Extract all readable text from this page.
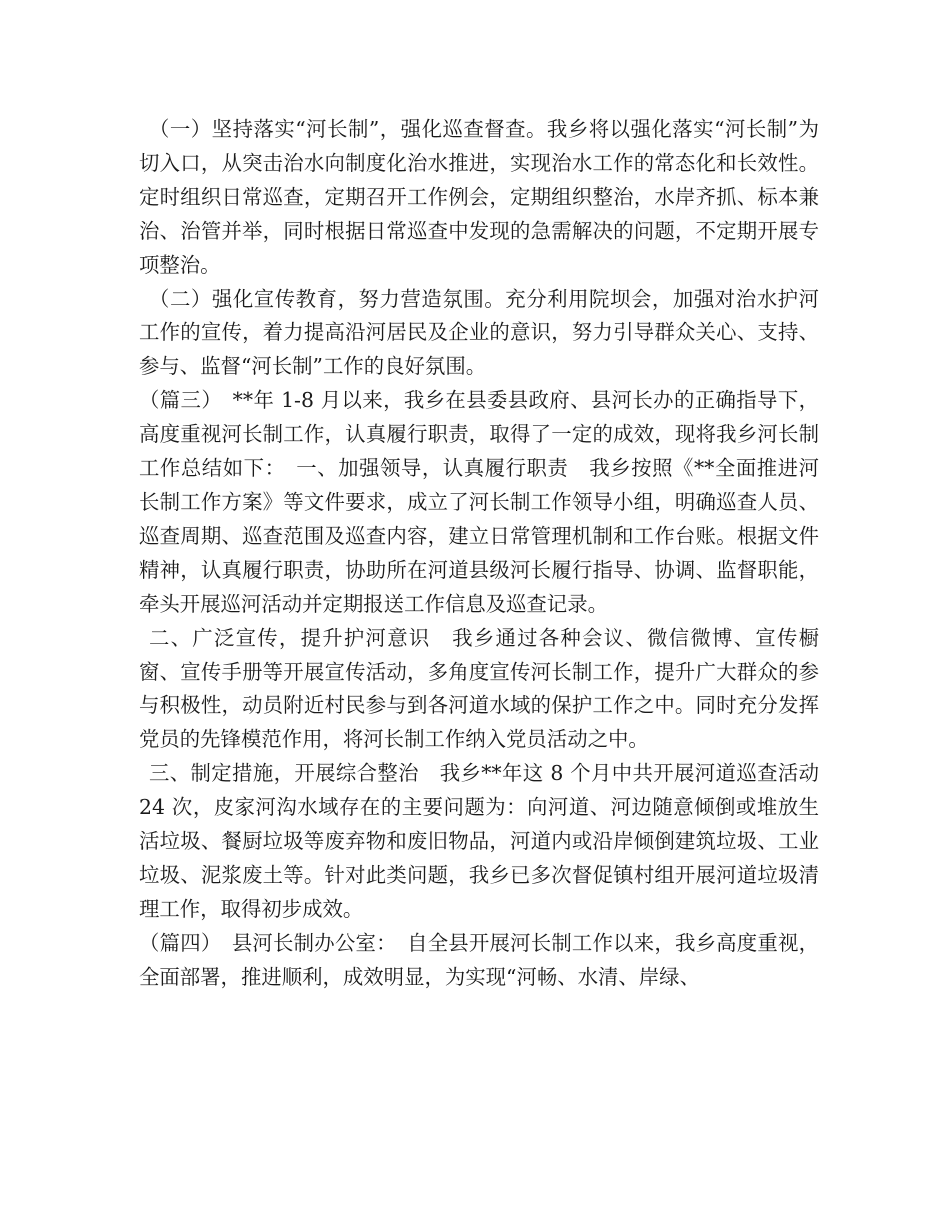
（一）坚持落实“河长制”，强化巡查督查。我乡将以强化落实“河长制”为切入口，从突击治水向制度化治水推进，实现治水工作的常态化和长效性。定时组织日常巡查，定期召开工作例会，定期组织整治，水岸齐抓、标本兼治、治管并举，同时根据日常巡查中发现的急需解决的问题，不定期开展专项整治。

（二）强化宣传教育，努力营造氛围。充分利用院坝会，加强对治水护河工作的宣传，着力提高沿河居民及企业的意识，努力引导群众关心、支持、参与、监督“河长制”工作的良好氛围。

（篇三）　**年 1-8 月以来，我乡在县委县政府、县河长办的正确指导下，高度重视河长制工作，认真履行职责，取得了一定的成效，现将我乡河长制工作总结如下：　一、加强领导，认真履行职责　我乡按照《**全面推进河长制工作方案》等文件要求，成立了河长制工作领导小组，明确巡查人员、巡查周期、巡查范围及巡查内容，建立日常管理机制和工作台账。根据文件精神，认真履行职责，协助所在河道县级河长履行指导、协调、监督职能，牵头开展巡河活动并定期报送工作信息及巡查记录。

二、广泛宣传，提升护河意识　我乡通过各种会议、微信微博、宣传橱窗、宣传手册等开展宣传活动，多角度宣传河长制工作，提升广大群众的参与积极性，动员附近村民参与到各河道水域的保护工作之中。同时充分发挥党员的先锋模范作用，将河长制工作纳入党员活动之中。

三、制定措施，开展综合整治　我乡**年这 8 个月中共开展河道巡查活动 24 次，皮家河沟水域存在的主要问题为：向河道、河边随意倾倒或堆放生活垃圾、餐厨垃圾等废弃物和废旧物品，河道内或沿岸倾倒建筑垃圾、工业垃圾、泥浆废土等。针对此类问题，我乡已多次督促镇村组开展河道垃圾清理工作，取得初步成效。

（篇四）　县河长制办公室：　自全县开展河长制工作以来，我乡高度重视，全面部署，推进顺利，成效明显，为实现“河畅、水清、岸绿、
